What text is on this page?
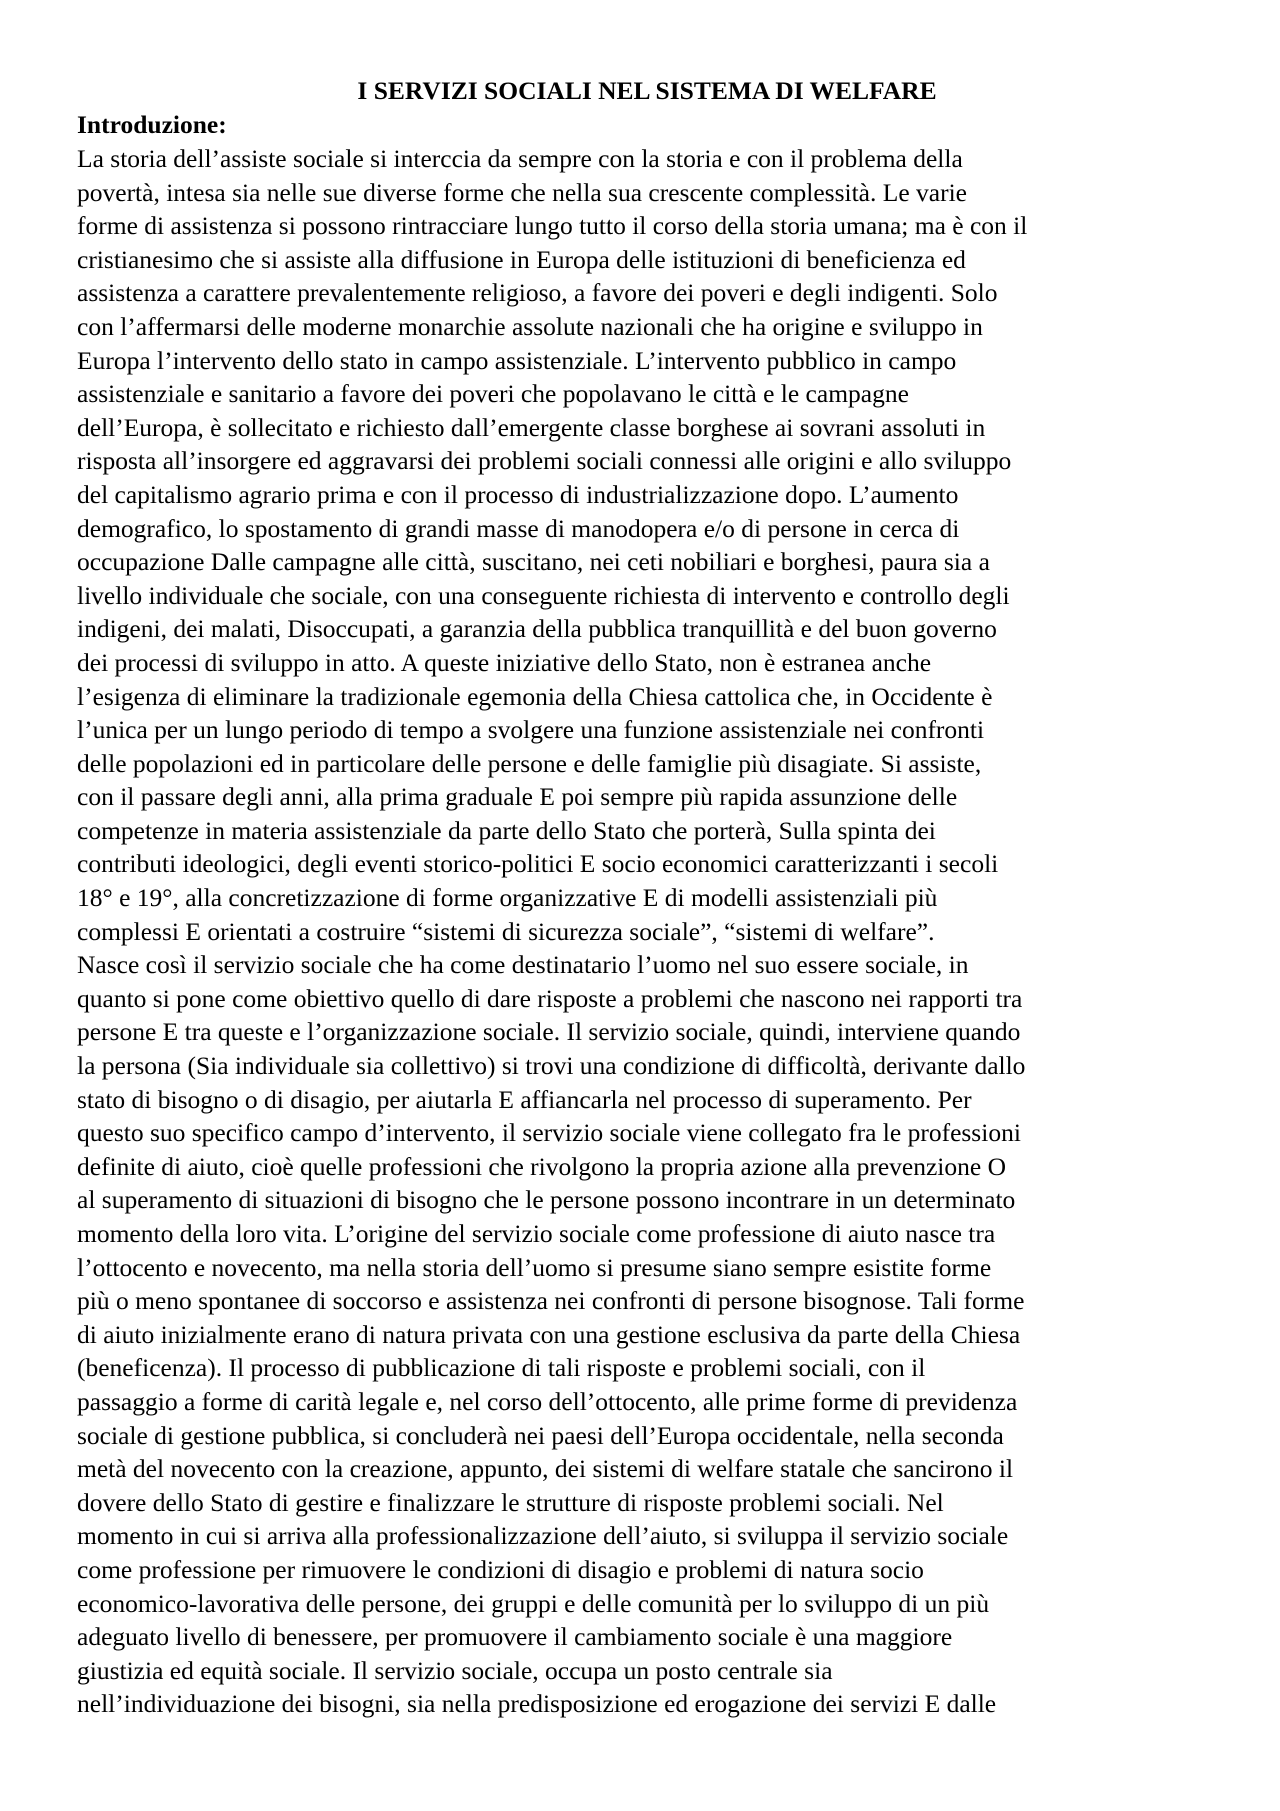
I SERVIZI SOCIALI NEL SISTEMA DI WELFARE
Introduzione:
La storia dell’assiste sociale si interccia da sempre con la storia e con il problema della
povertà, intesa sia nelle sue diverse forme che nella sua crescente complessità. Le varie
forme di assistenza si possono rintracciare lungo tutto il corso della storia umana; ma è con il
cristianesimo che si assiste alla diffusione in Europa delle istituzioni di beneficienza ed
assistenza a carattere prevalentemente religioso, a favore dei poveri e degli indigenti. Solo
con l’affermarsi delle moderne monarchie assolute nazionali che ha origine e sviluppo in
Europa l’intervento dello stato in campo assistenziale. L’intervento pubblico in campo
assistenziale e sanitario a favore dei poveri che popolavano le città e le campagne
dell’Europa, è sollecitato e richiesto dall’emergente classe borghese ai sovrani assoluti in
risposta all’insorgere ed aggravarsi dei problemi sociali connessi alle origini e allo sviluppo
del capitalismo agrario prima e con il processo di industrializzazione dopo. L’aumento
demografico, lo spostamento di grandi masse di manodopera e/o di persone in cerca di
occupazione Dalle campagne alle città, suscitano, nei ceti nobiliari e borghesi, paura sia a
livello individuale che sociale, con una conseguente richiesta di intervento e controllo degli
indigeni, dei malati, Disoccupati, a garanzia della pubblica tranquillità e del buon governo
dei processi di sviluppo in atto. A queste iniziative dello Stato, non è estranea anche
l’esigenza di eliminare la tradizionale egemonia della Chiesa cattolica che, in Occidente è
l’unica per un lungo periodo di tempo a svolgere una funzione assistenziale nei confronti
delle popolazioni ed in particolare delle persone e delle famiglie più disagiate. Si assiste,
con il passare degli anni, alla prima graduale E poi sempre più rapida assunzione delle
competenze in materia assistenziale da parte dello Stato che porterà, Sulla spinta dei
contributi ideologici, degli eventi storico-politici E socio economici caratterizzanti i secoli
18° e 19°, alla concretizzazione di forme organizzative E di modelli assistenziali più
complessi E orientati a costruire “sistemi di sicurezza sociale”, “sistemi di welfare”.
Nasce così il servizio sociale che ha come destinatario l’uomo nel suo essere sociale, in
quanto si pone come obiettivo quello di dare risposte a problemi che nascono nei rapporti tra
persone E tra queste e l’organizzazione sociale. Il servizio sociale, quindi, interviene quando
la persona (Sia individuale sia collettivo) si trovi una condizione di difficoltà, derivante dallo
stato di bisogno o di disagio, per aiutarla E affiancarla nel processo di superamento. Per
questo suo specifico campo d’intervento, il servizio sociale viene collegato fra le professioni
definite di aiuto, cioè quelle professioni che rivolgono la propria azione alla prevenzione O
al superamento di situazioni di bisogno che le persone possono incontrare in un determinato
momento della loro vita. L’origine del servizio sociale come professione di aiuto nasce tra
l’ottocento e novecento, ma nella storia dell’uomo si presume siano sempre esistite forme
più o meno spontanee di soccorso e assistenza nei confronti di persone bisognose. Tali forme
di aiuto inizialmente erano di natura privata con una gestione esclusiva da parte della Chiesa
(beneficenza). Il processo di pubblicazione di tali risposte e problemi sociali, con il
passaggio a forme di carità legale e, nel corso dell’ottocento, alle prime forme di previdenza
sociale di gestione pubblica, si concluderà nei paesi dell’Europa occidentale, nella seconda
metà del novecento con la creazione, appunto, dei sistemi di welfare statale che sancirono il
dovere dello Stato di gestire e finalizzare le strutture di risposte problemi sociali. Nel
momento in cui si arriva alla professionalizzazione dell’aiuto, si sviluppa il servizio sociale
come professione per rimuovere le condizioni di disagio e problemi di natura socio
economico-lavorativa delle persone, dei gruppi e delle comunità per lo sviluppo di un più
adeguato livello di benessere, per promuovere il cambiamento sociale è una maggiore
giustizia ed equità sociale. Il servizio sociale, occupa un posto centrale sia
nell’individuazione dei bisogni, sia nella predisposizione ed erogazione dei servizi E dalle
